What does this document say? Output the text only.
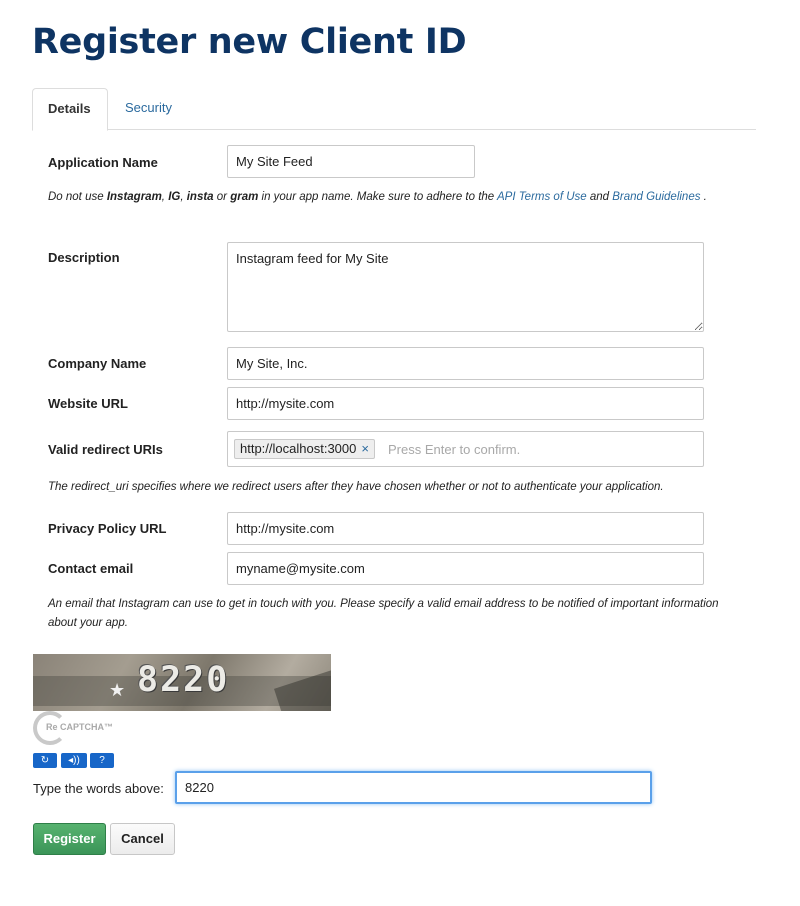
Register new Client ID
Details	Security
Application Name
My Site Feed

Do not use Instagram, IG, insta or gram in your app name. Make sure to adhere to the API Terms of Use and Brand Guidelines .

Description
Instagram feed for My Site
Company Name
My Site, Inc.
Website URL
http://mysite.com
Valid redirect URIs	http://localhost:3000 ×
Press Enter to confirm.

The redirect_uri specifies where we redirect users after they have chosen whether or not to authenticate your application.

Privacy Policy URL
http://mysite.com
Contact email
myname@mysite.com

An email that Instagram can use to get in touch with you. Please specify a valid email address to be notified of important information about your app.

★ 8220
Re CAPTCHA™
↻	◂))	?
Type the words above:
8220
Register	Cancel
